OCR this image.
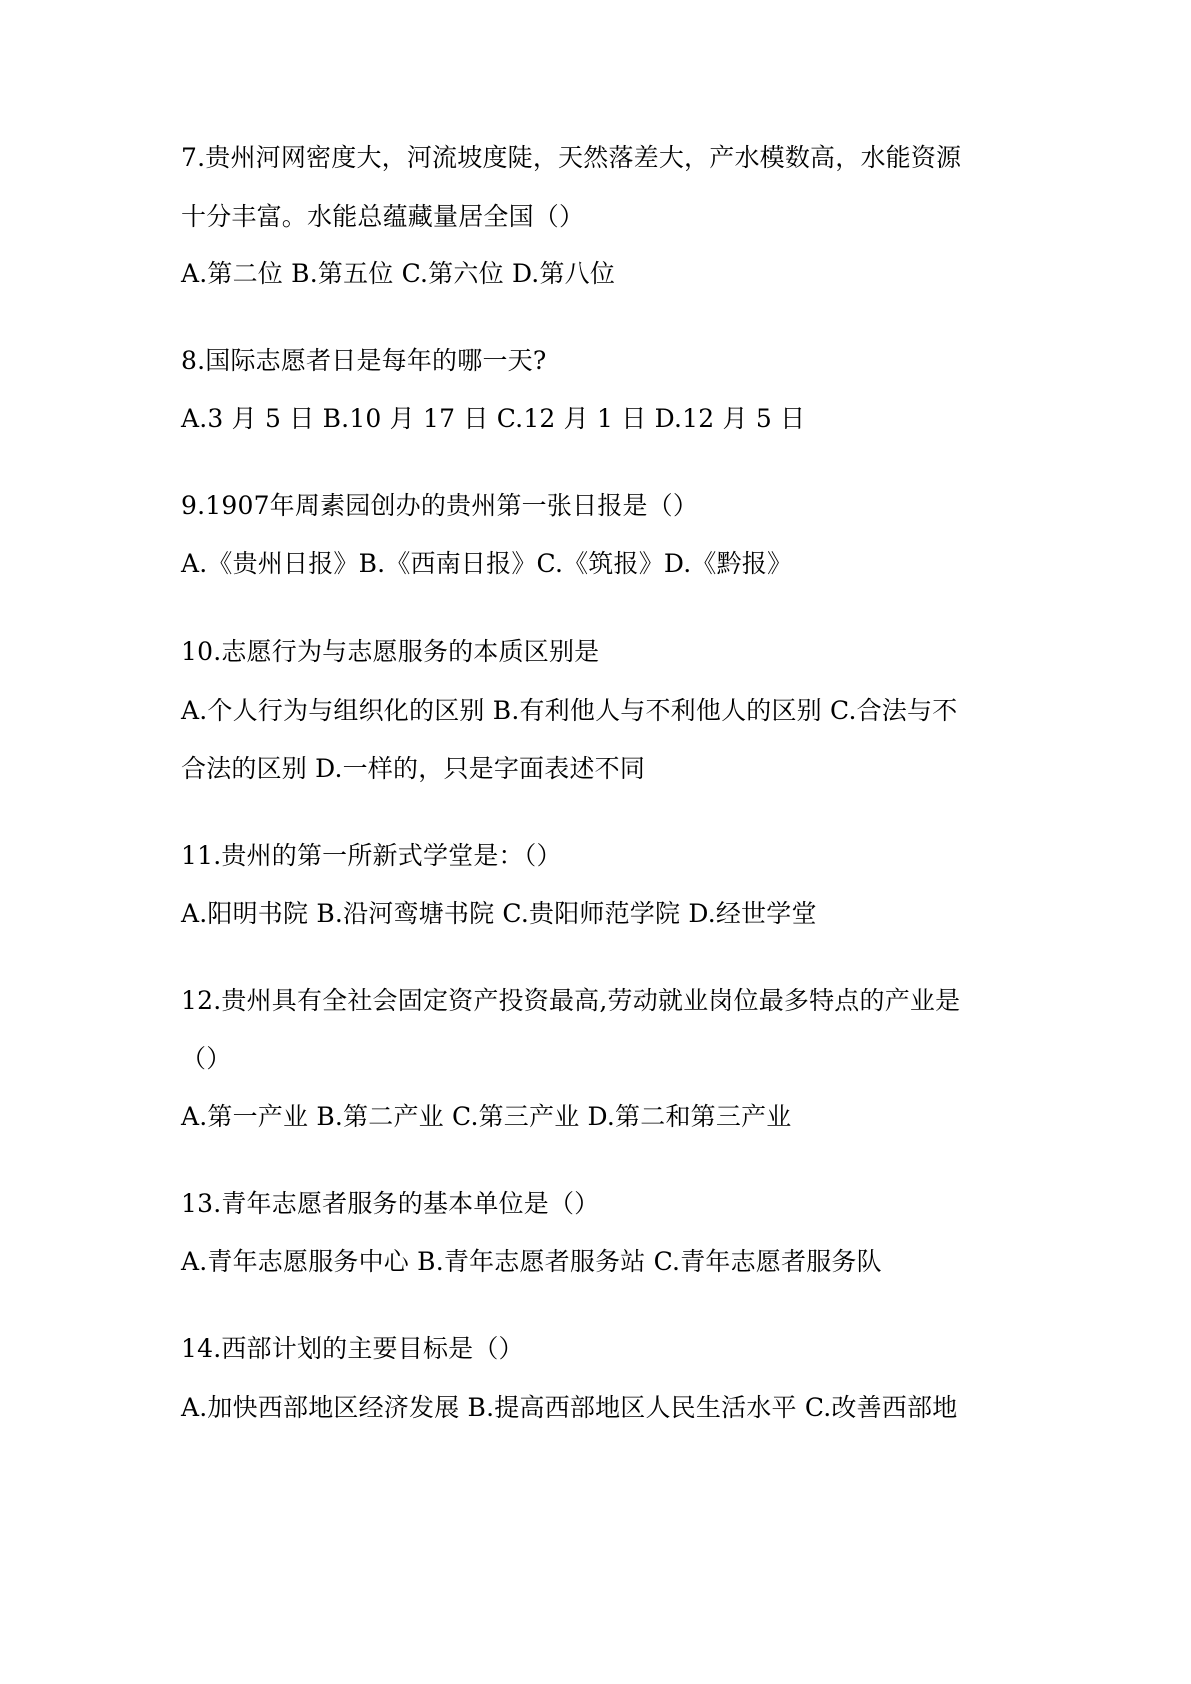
7.贵州河网密度大，河流坡度陡，天然落差大，产水模数高，水能资源
十分丰富。水能总蕴藏量居全国（）
A.第二位 B.第五位 C.第六位 D.第八位
8.国际志愿者日是每年的哪一天?
A.3 月 5 日 B.10 月 17 日 C.12 月 1 日 D.12 月 5 日
9.1907年周素园创办的贵州第一张日报是（）
A.《贵州日报》B.《西南日报》C.《筑报》D.《黔报》
10.志愿行为与志愿服务的本质区别是
A.个人行为与组织化的区别 B.有利他人与不利他人的区别 C.合法与不
合法的区别 D.一样的，只是字面表述不同
11.贵州的第一所新式学堂是：（）
A.阳明书院 B.沿河鸾塘书院 C.贵阳师范学院 D.经世学堂
12.贵州具有全社会固定资产投资最高,劳动就业岗位最多特点的产业是
（）
A.第一产业 B.第二产业 C.第三产业 D.第二和第三产业
13.青年志愿者服务的基本单位是（）
A.青年志愿服务中心 B.青年志愿者服务站 C.青年志愿者服务队
14.西部计划的主要目标是（）
A.加快西部地区经济发展 B.提高西部地区人民生活水平 C.改善西部地
